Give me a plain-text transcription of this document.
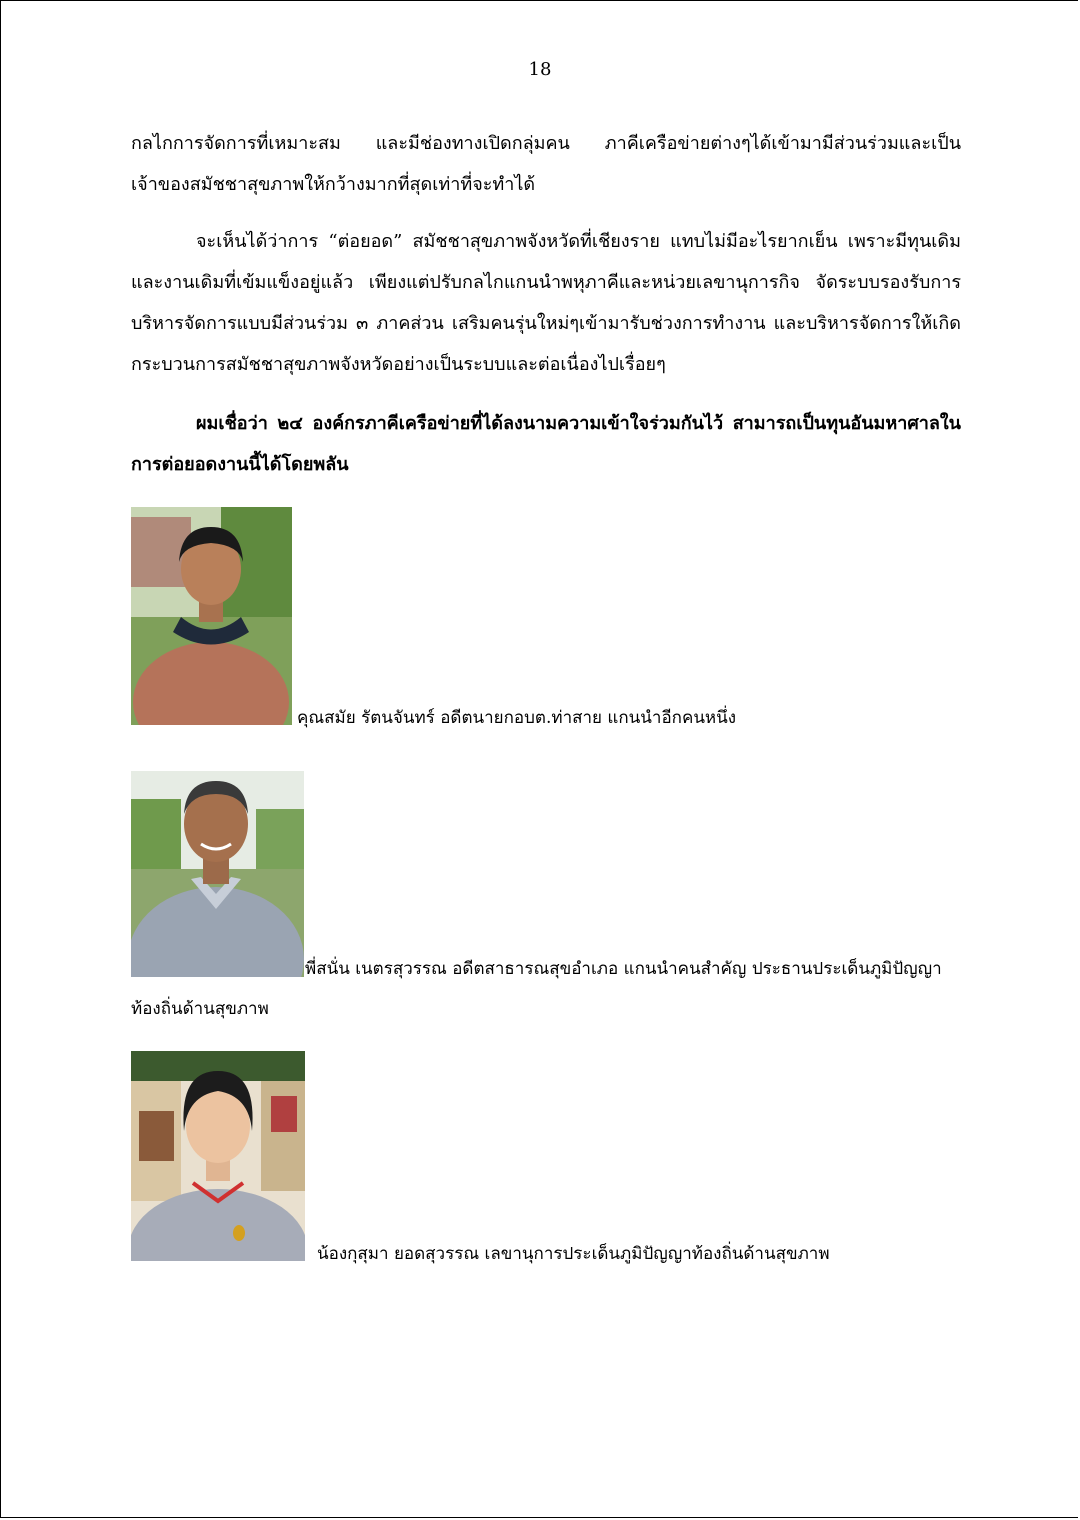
18

กลไกการจัดการที่เหมาะสม และมีช่องทางเปิดกลุ่มคน ภาคีเครือข่ายต่างๆได้เข้ามามีส่วนร่วมและเป็นเจ้าของสมัชชาสุขภาพให้กว้างมากที่สุดเท่าที่จะทำได้

จะเห็นได้ว่าการ “ต่อยอด” สมัชชาสุขภาพจังหวัดที่เชียงราย แทบไม่มีอะไรยากเย็น เพราะมีทุนเดิมและงานเดิมที่เข้มแข็งอยู่แล้ว เพียงแต่ปรับกลไกแกนนำพหุภาคีและหน่วยเลขานุการกิจ จัดระบบรองรับการบริหารจัดการแบบมีส่วนร่วม ๓ ภาคส่วน เสริมคนรุ่นใหม่ๆเข้ามารับช่วงการทำงาน และบริหารจัดการให้เกิดกระบวนการสมัชชาสุขภาพจังหวัดอย่างเป็นระบบและต่อเนื่องไปเรื่อยๆ

ผมเชื่อว่า ๒๔ องค์กรภาคีเครือข่ายที่ได้ลงนามความเข้าใจร่วมกันไว้ สามารถเป็นทุนอันมหาศาลในการต่อยอดงานนี้ได้โดยพลัน

คุณสมัย รัตนจันทร์ อดีตนายกอบต.ท่าสาย แกนนำอีกคนหนึ่ง

พี่สนั่น เนตรสุวรรณ อดีตสาธารณสุขอำเภอ แกนนำคนสำคัญ ประธานประเด็นภูมิปัญญาท้องถิ่นด้านสุขภาพ

น้องกุสุมา ยอดสุวรรณ เลขานุการประเด็นภูมิปัญญาท้องถิ่นด้านสุขภาพ
